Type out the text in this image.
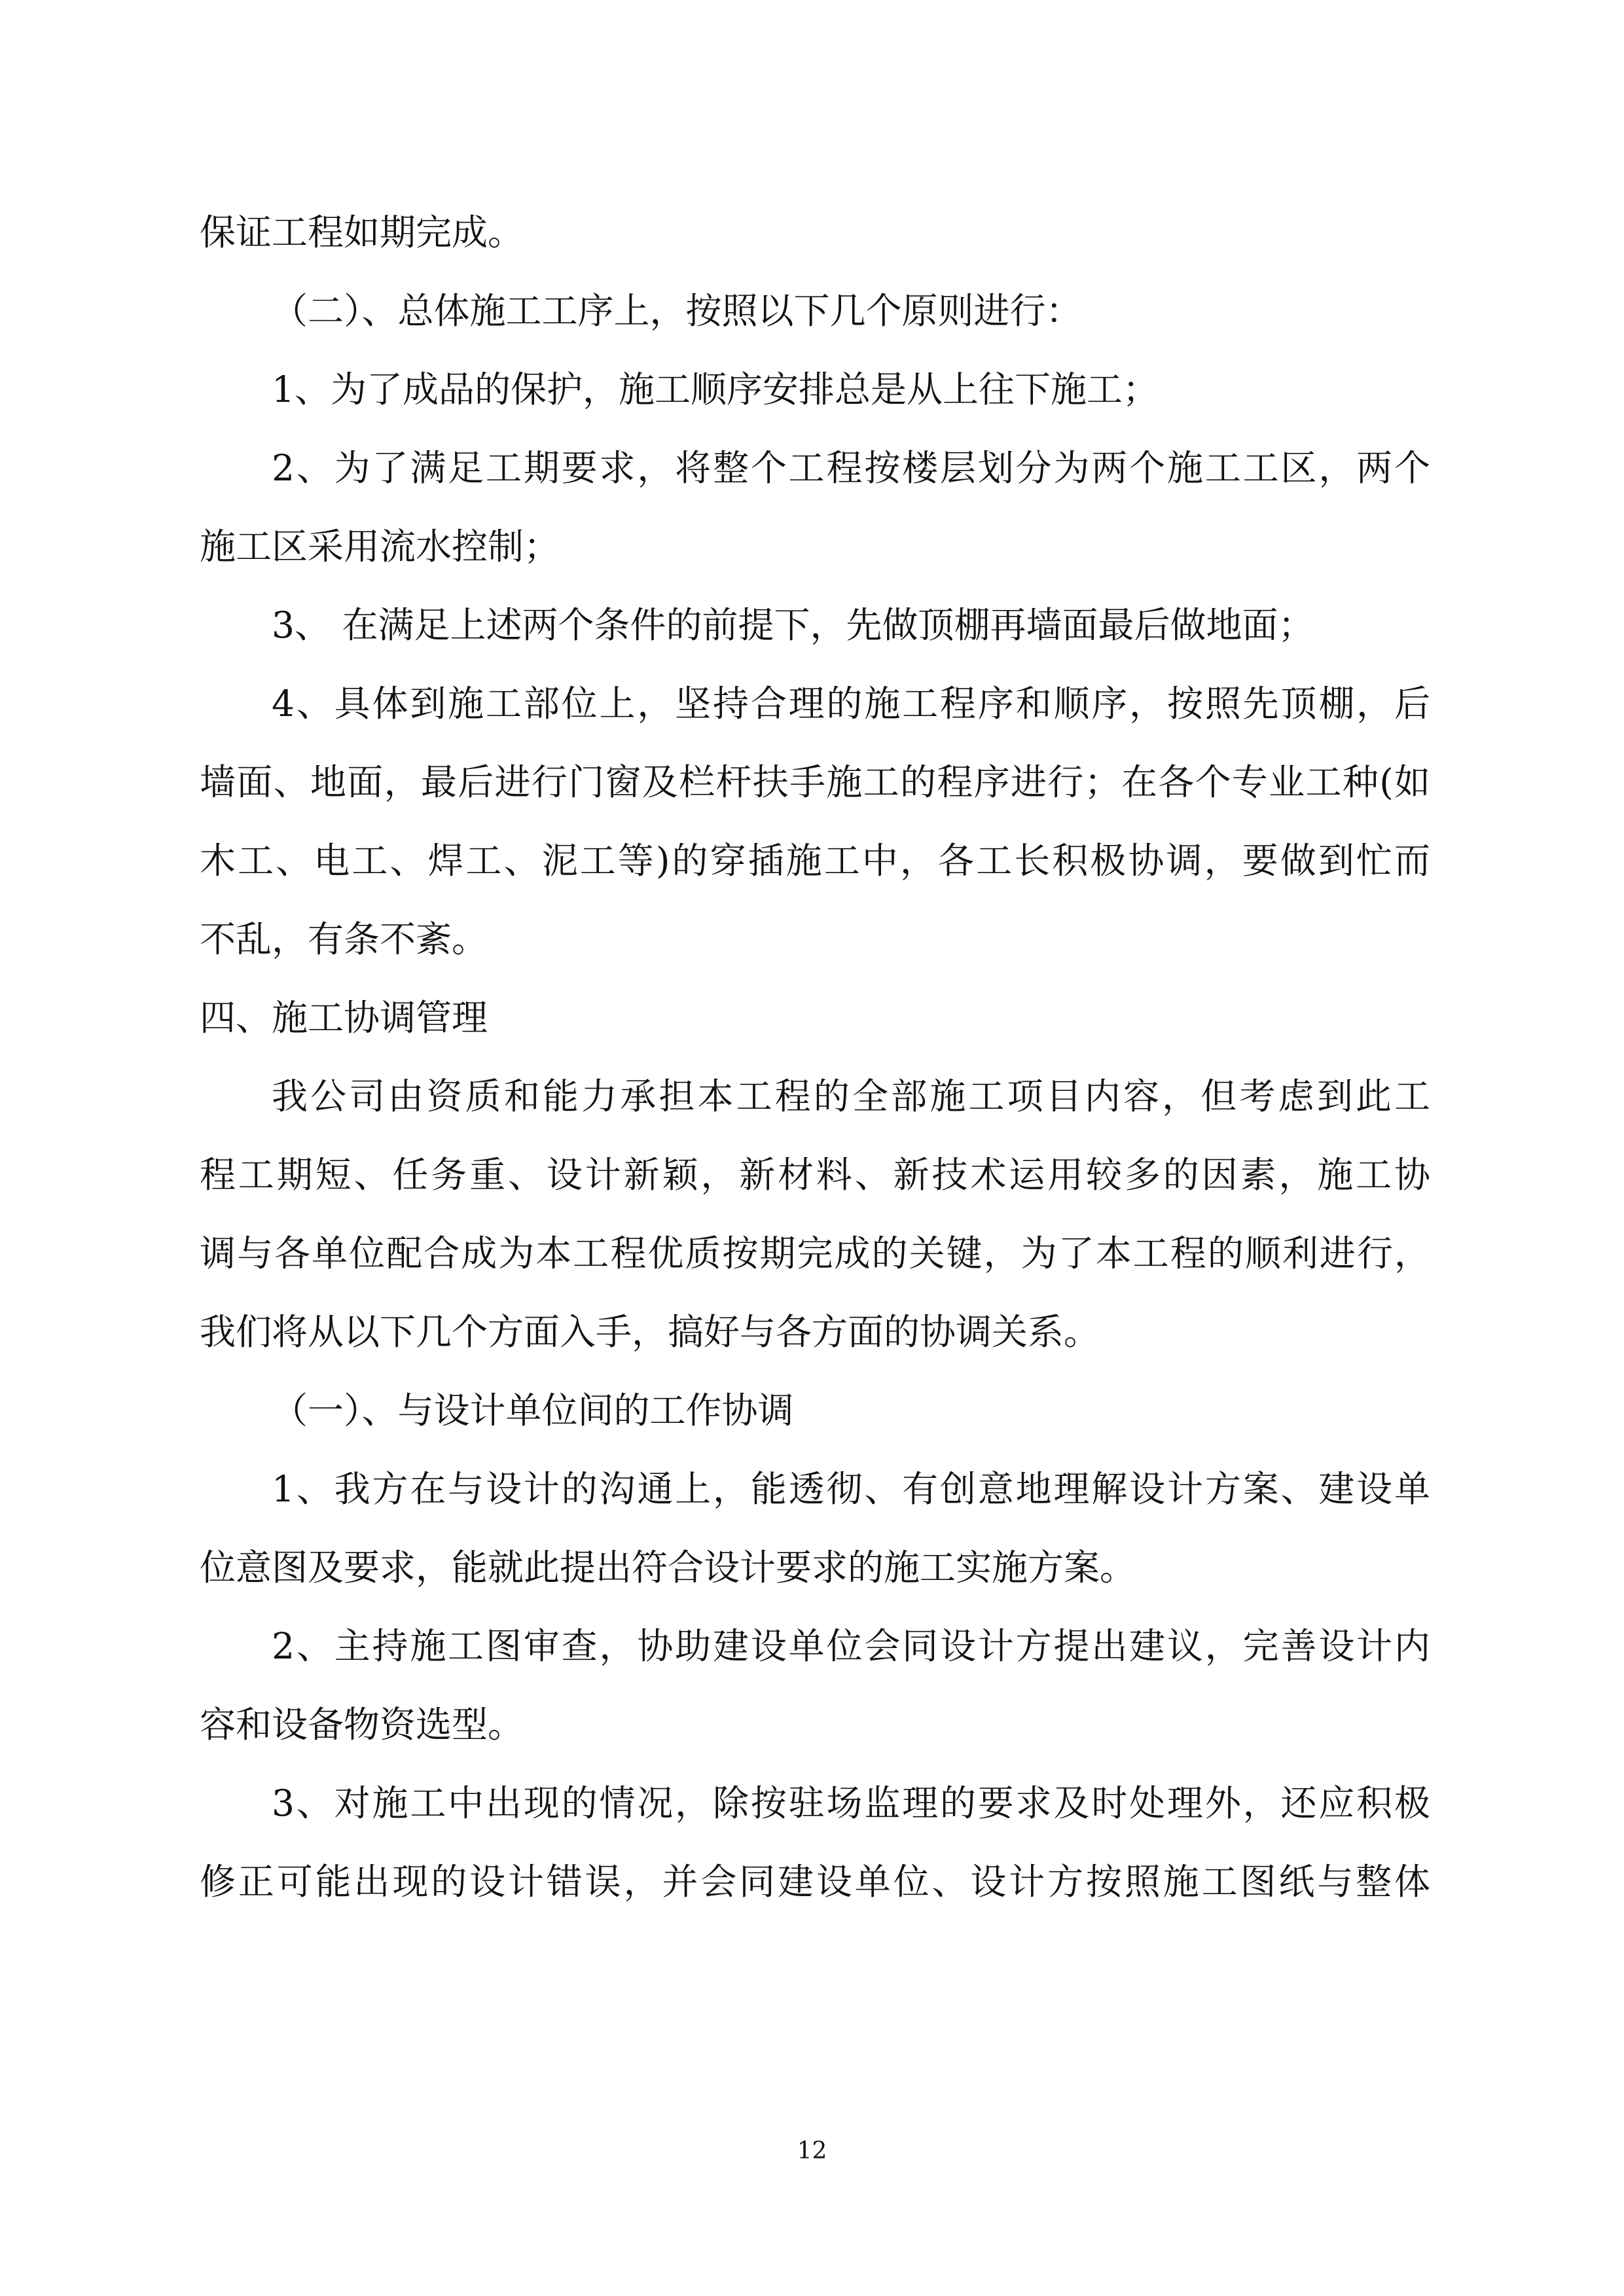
保证工程如期完成。
（二）、总体施工工序上，按照以下几个原则进行：
1、为了成品的保护，施工顺序安排总是从上往下施工；
2、为了满足工期要求，将整个工程按楼层划分为两个施工工区，两个
施工区采用流水控制；
3、 在满足上述两个条件的前提下，先做顶棚再墙面最后做地面；
4、具体到施工部位上，坚持合理的施工程序和顺序，按照先顶棚，后
墙面、地面，最后进行门窗及栏杆扶手施工的程序进行；在各个专业工种(如
木工、电工、焊工、泥工等)的穿插施工中，各工长积极协调，要做到忙而
不乱，有条不紊。
四、施工协调管理
我公司由资质和能力承担本工程的全部施工项目内容，但考虑到此工
程工期短、任务重、设计新颖，新材料、新技术运用较多的因素，施工协
调与各单位配合成为本工程优质按期完成的关键，为了本工程的顺利进行，
我们将从以下几个方面入手，搞好与各方面的协调关系。
（一）、与设计单位间的工作协调
1、我方在与设计的沟通上，能透彻、有创意地理解设计方案、建设单
位意图及要求，能就此提出符合设计要求的施工实施方案。
2、主持施工图审查，协助建设单位会同设计方提出建议，完善设计内
容和设备物资选型。
3、对施工中出现的情况，除按驻场监理的要求及时处理外，还应积极
修正可能出现的设计错误，并会同建设单位、设计方按照施工图纸与整体
12
